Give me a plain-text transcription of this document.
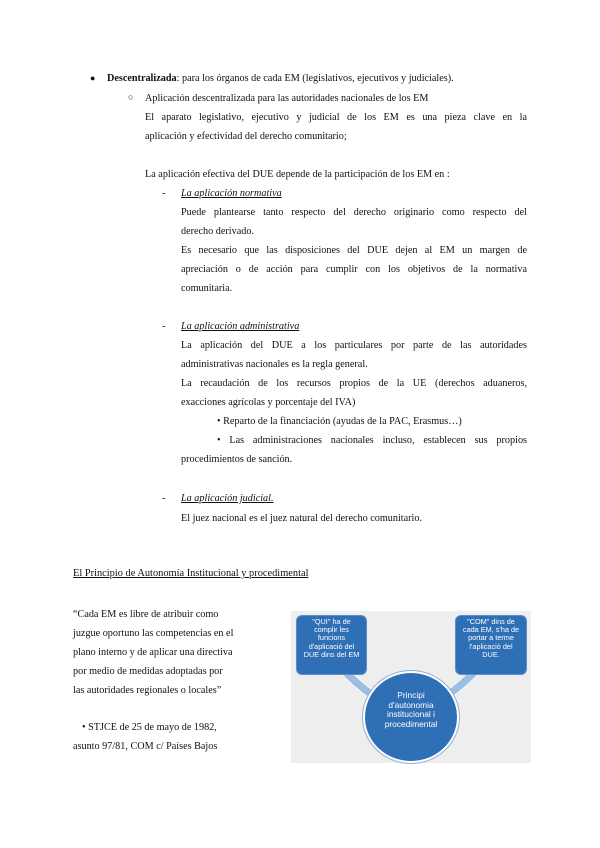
● Descentralizada: para los órganos de cada EM (legislativos, ejecutivos y judiciales).
○ Aplicación descentralizada para las autoridades nacionales de los EM
El aparato legislativo, ejecutivo y judicial de los EM es una pieza clave en la
aplicación y efectividad del derecho comunitario;
La aplicación efectiva del DUE depende de la participación de los EM en :
- La aplicación normativa
Puede plantearse tanto respecto del derecho originario como respecto del
derecho derivado.
Es necesario que las disposiciones del DUE dejen al EM un margen de
apreciación o de acción para cumplir con los objetivos de la normativa
comunitaria.
- La aplicación administrativa
La aplicación del DUE a los particulares por parte de las autoridades
administrativas nacionales es la regla general.
La recaudación de los recursos propios de la UE (derechos aduaneros,
exacciones agrícolas y porcentaje del IVA)
• Reparto de la financiación (ayudas de la PAC, Erasmus…)
• Las administraciones nacionales incluso, establecen sus propios
procedimientos de sanción.
- La aplicación judicial.
El juez nacional es el juez natural del derecho comunitario.
El Principio de Autonomía Institucional y procedimental
“Cada EM es libre de atribuir como
juzgue oportuno las competencias en el
plano interno y de aplicar una directiva
por medio de medidas adoptadas por
las autoridades regionales o locales”
• STJCE de 25 de mayo de 1982,
asunto 97/81, COM c/ Países Bajos
"QUI" ha de
complir les
funcions
d'aplicació del
DUE dins del EM
"COM" dins de
cada EM, s'ha de
portar a terme
l'aplicació del
DUE.
Principi
d'autonomia
institucional i
procedimental
